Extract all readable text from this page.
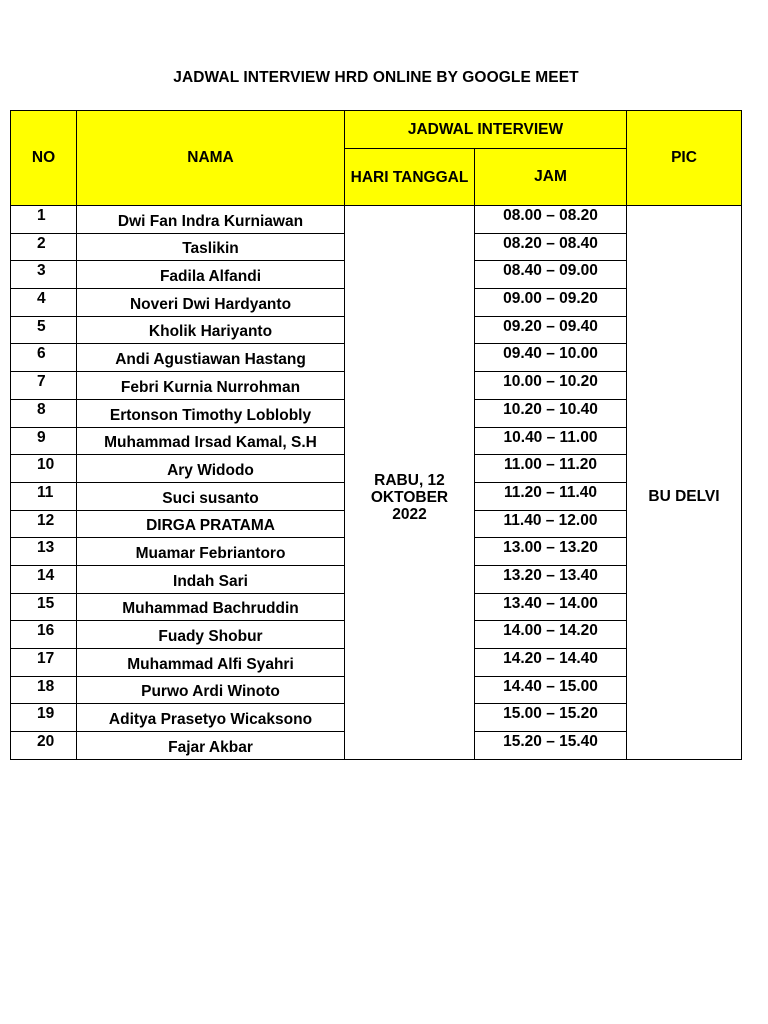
JADWAL INTERVIEW HRD ONLINE BY GOOGLE MEET
NO	NAMA	JADWAL INTERVIEW		PIC

		HARI TANGGAL	JAM	
1	Dwi Fan Indra Kurniawan	RABU, 12 OKTOBER 2022	08.00 – 08.20	BU DELVI
2	Taslikin		08.20 – 08.40	
3	Fadila Alfandi		08.40 – 09.00	
4	Noveri Dwi Hardyanto		09.00 – 09.20	
5	Kholik Hariyanto		09.20 – 09.40	
6	Andi Agustiawan Hastang		09.40 – 10.00	
7	Febri Kurnia Nurrohman		10.00 – 10.20	
8	Ertonson Timothy Loblobly		10.20 – 10.40	
9	Muhammad Irsad Kamal, S.H		10.40 – 11.00	
10	Ary Widodo		11.00 – 11.20	
11	Suci susanto		11.20 – 11.40	
12	DIRGA PRATAMA		11.40 – 12.00	
13	Muamar Febriantoro		13.00 – 13.20	
14	Indah Sari		13.20 – 13.40	
15	Muhammad Bachruddin		13.40 – 14.00	
16	Fuady Shobur		14.00 – 14.20	
17	Muhammad Alfi Syahri		14.20 – 14.40	
18	Purwo Ardi Winoto		14.40 – 15.00	
19	Aditya Prasetyo Wicaksono		15.00 – 15.20	
20	Fajar Akbar		15.20 – 15.40	
